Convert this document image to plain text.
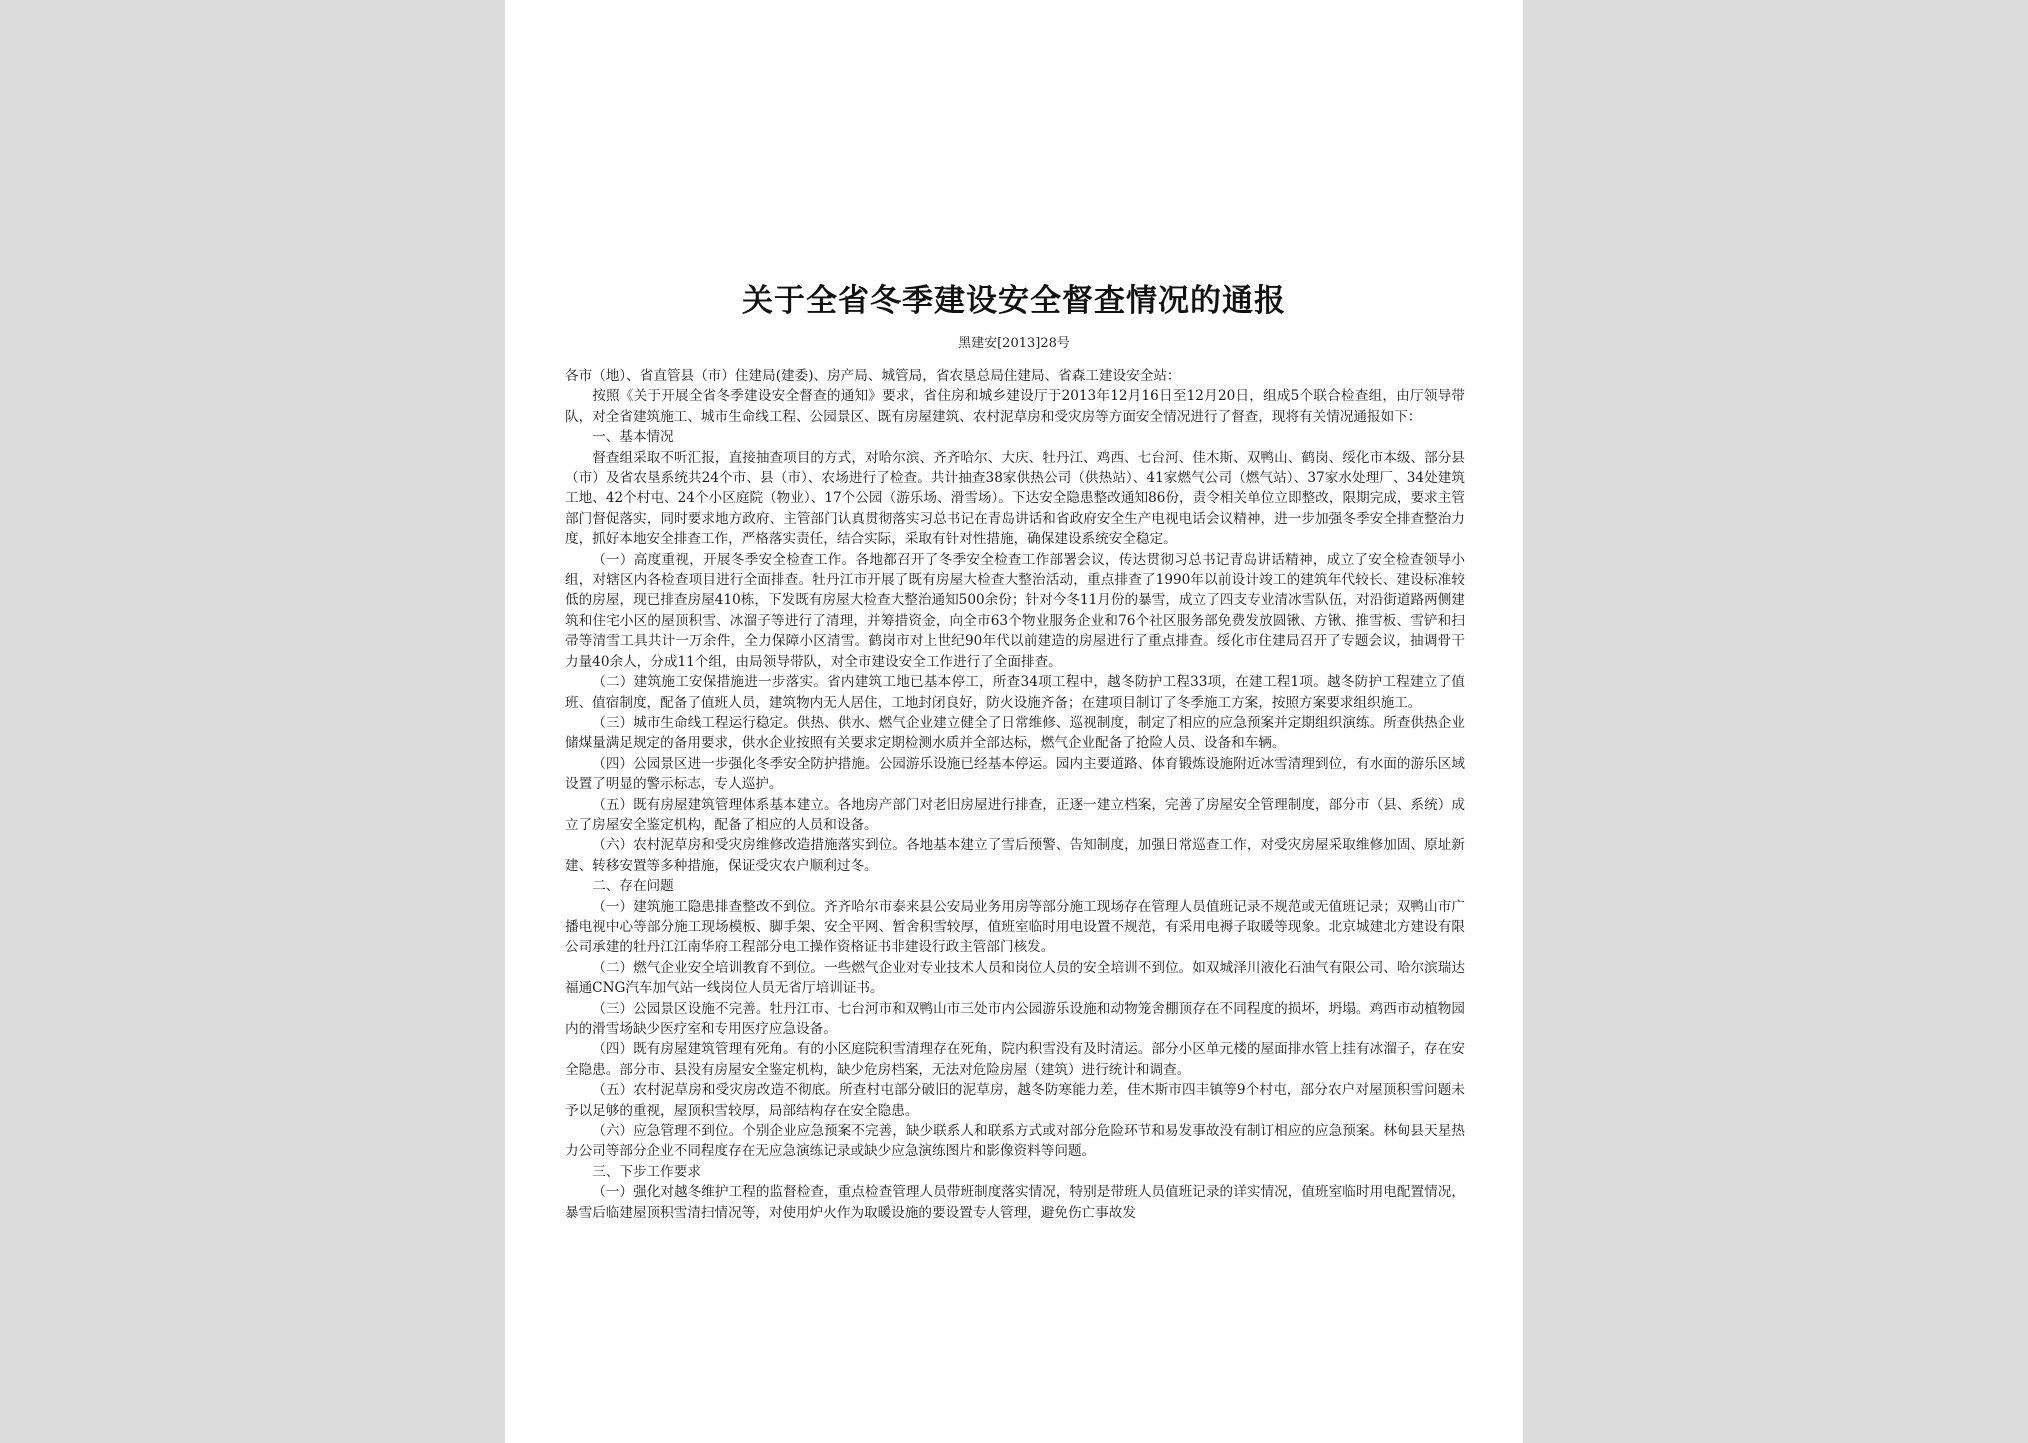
关于全省冬季建设安全督查情况的通报
黑建安[2013]28号

各市（地）、省直管县（市）住建局(建委)、房产局、城管局，省农垦总局住建局、省森工建设安全站：

按照《关于开展全省冬季建设安全督查的通知》要求，省住房和城乡建设厅于2013年12月16日至12月20日，组成5个联合检查组，由厅领导带队，对全省建筑施工、城市生命线工程、公园景区、既有房屋建筑、农村泥草房和受灾房等方面安全情况进行了督查，现将有关情况通报如下：

一、基本情况

督查组采取不听汇报，直接抽查项目的方式，对哈尔滨、齐齐哈尔、大庆、牡丹江、鸡西、七台河、佳木斯、双鸭山、鹤岗、绥化市本级、部分县（市）及省农垦系统共24个市、县（市）、农场进行了检查。共计抽查38家供热公司（供热站）、41家燃气公司（燃气站）、37家水处理厂、34处建筑工地、42个村屯、24个小区庭院（物业）、17个公园（游乐场、滑雪场）。下达安全隐患整改通知86份，责令相关单位立即整改，限期完成，要求主管部门督促落实，同时要求地方政府、主管部门认真贯彻落实习总书记在青岛讲话和省政府安全生产电视电话会议精神，进一步加强冬季安全排查整治力度，抓好本地安全排查工作，严格落实责任，结合实际，采取有针对性措施，确保建设系统安全稳定。

（一）高度重视，开展冬季安全检查工作。各地都召开了冬季安全检查工作部署会议，传达贯彻习总书记青岛讲话精神，成立了安全检查领导小组，对辖区内各检查项目进行全面排查。牡丹江市开展了既有房屋大检查大整治活动，重点排查了1990年以前设计竣工的建筑年代较长、建设标准较低的房屋，现已排查房屋410栋，下发既有房屋大检查大整治通知500余份；针对今冬11月份的暴雪，成立了四支专业清冰雪队伍，对沿街道路两侧建筑和住宅小区的屋顶积雪、冰溜子等进行了清理，并筹措资金，向全市63个物业服务企业和76个社区服务部免费发放圆锹、方锹、推雪板、雪铲和扫帚等清雪工具共计一万余件，全力保障小区清雪。鹤岗市对上世纪90年代以前建造的房屋进行了重点排查。绥化市住建局召开了专题会议，抽调骨干力量40余人，分成11个组，由局领导带队，对全市建设安全工作进行了全面排查。

（二）建筑施工安保措施进一步落实。省内建筑工地已基本停工，所查34项工程中，越冬防护工程33项，在建工程1项。越冬防护工程建立了值班、值宿制度，配备了值班人员，建筑物内无人居住，工地封闭良好，防火设施齐备；在建项目制订了冬季施工方案，按照方案要求组织施工。

（三）城市生命线工程运行稳定。供热、供水、燃气企业建立健全了日常维修、巡视制度，制定了相应的应急预案并定期组织演练。所查供热企业储煤量满足规定的备用要求，供水企业按照有关要求定期检测水质并全部达标，燃气企业配备了抢险人员、设备和车辆。

（四）公园景区进一步强化冬季安全防护措施。公园游乐设施已经基本停运。园内主要道路、体育锻炼设施附近冰雪清理到位，有水面的游乐区域设置了明显的警示标志，专人巡护。

（五）既有房屋建筑管理体系基本建立。各地房产部门对老旧房屋进行排查，正逐一建立档案，完善了房屋安全管理制度，部分市（县、系统）成立了房屋安全鉴定机构，配备了相应的人员和设备。

（六）农村泥草房和受灾房维修改造措施落实到位。各地基本建立了雪后预警、告知制度，加强日常巡查工作，对受灾房屋采取维修加固、原址新建、转移安置等多种措施，保证受灾农户顺利过冬。

二、存在问题

（一）建筑施工隐患排查整改不到位。齐齐哈尔市泰来县公安局业务用房等部分施工现场存在管理人员值班记录不规范或无值班记录；双鸭山市广播电视中心等部分施工现场模板、脚手架、安全平网、暂舍积雪较厚，值班室临时用电设置不规范，有采用电褥子取暖等现象。北京城建北方建设有限公司承建的牡丹江江南华府工程部分电工操作资格证书非建设行政主管部门核发。

（二）燃气企业安全培训教育不到位。一些燃气企业对专业技术人员和岗位人员的安全培训不到位。如双城泽川液化石油气有限公司、哈尔滨瑞达福通CNG汽车加气站一线岗位人员无省厅培训证书。

（三）公园景区设施不完善。牡丹江市、七台河市和双鸭山市三处市内公园游乐设施和动物笼舍棚顶存在不同程度的损坏，坍塌。鸡西市动植物园内的滑雪场缺少医疗室和专用医疗应急设备。

（四）既有房屋建筑管理有死角。有的小区庭院积雪清理存在死角，院内积雪没有及时清运。部分小区单元楼的屋面排水管上挂有冰溜子，存在安全隐患。部分市、县没有房屋安全鉴定机构，缺少危房档案，无法对危险房屋（建筑）进行统计和调查。

（五）农村泥草房和受灾房改造不彻底。所查村屯部分破旧的泥草房，越冬防寒能力差，佳木斯市四丰镇等9个村屯，部分农户对屋顶积雪问题未予以足够的重视，屋顶积雪较厚，局部结构存在安全隐患。

（六）应急管理不到位。个别企业应急预案不完善，缺少联系人和联系方式或对部分危险环节和易发事故没有制订相应的应急预案。林甸县天星热力公司等部分企业不同程度存在无应急演练记录或缺少应急演练图片和影像资料等问题。

三、下步工作要求

（一）强化对越冬维护工程的监督检查，重点检查管理人员带班制度落实情况，特别是带班人员值班记录的详实情况，值班室临时用电配置情况，暴雪后临建屋顶积雪清扫情况等，对使用炉火作为取暖设施的要设置专人管理，避免伤亡事故发
